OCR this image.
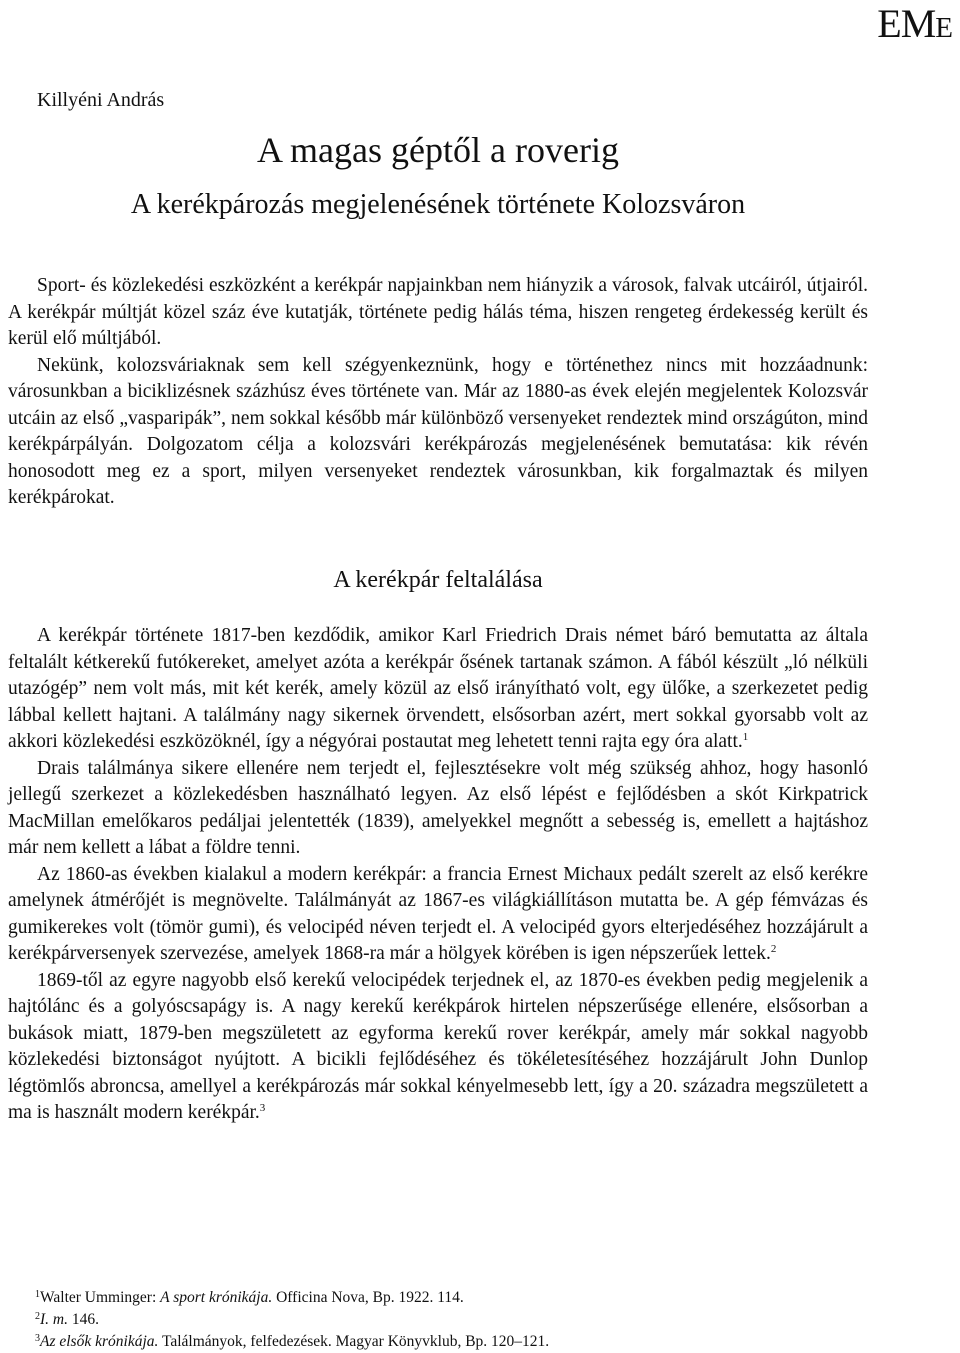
EME
Killyéni András
A magas géptől a roverig
A kerékpározás megjelenésének története Kolozsváron

Sport- és közlekedési eszközként a kerékpár napjainkban nem hiányzik a városok, falvak utcáiról, útjairól. A kerékpár múltját közel száz éve kutatják, története pedig hálás téma, hiszen rengeteg érdekesség került és kerül elő múltjából.

Nekünk, kolozsváriaknak sem kell szégyenkeznünk, hogy e történethez nincs mit hozzáadnunk: városunkban a biciklizésnek százhúsz éves története van. Már az 1880-as évek elején megjelentek Kolozsvár utcáin az első „vasparipák”, nem sokkal később már különböző versenyeket rendeztek mind országúton, mind kerékpárpályán. Dolgozatom célja a kolozsvári kerékpározás megjelenésének bemutatása: kik révén honosodott meg ez a sport, milyen versenyeket rendeztek városunkban, kik forgalmaztak és milyen kerékpárokat.

A kerékpár feltalálása

A kerékpár története 1817-ben kezdődik, amikor Karl Friedrich Drais német báró bemutatta az általa feltalált kétkerekű futókereket, amelyet azóta a kerékpár ősének tartanak számon. A fából készült „ló nélküli utazógép” nem volt más, mit két kerék, amely közül az első irányítható volt, egy ülőke, a szerkezetet pedig lábbal kellett hajtani. A találmány nagy sikernek örvendett, elsősorban azért, mert sokkal gyorsabb volt az akkori közlekedési eszközöknél, így a négyórai postautat meg lehetett tenni rajta egy óra alatt.$^1$

Drais találmánya sikere ellenére nem terjedt el, fejlesztésekre volt még szükség ahhoz, hogy hasonló jellegű szerkezet a közlekedésben használható legyen. Az első lépést e fejlődésben a skót Kirkpatrick MacMillan emelőkaros pedáljai jelentették (1839), amelyekkel megnőtt a sebesség is, emellett a hajtáshoz már nem kellett a lábat a földre tenni.

Az 1860-as években kialakul a modern kerékpár: a francia Ernest Michaux pedált szerelt az első kerékre amelynek átmérőjét is megnövelte. Találmányát az 1867-es világkiállításon mutatta be. A gép fémvázas és gumikerekes volt (tömör gumi), és velocipéd néven terjedt el. A velocipéd gyors elterjedéséhez hozzájárult a kerékpárversenyek szervezése, amelyek 1868-ra már a hölgyek körében is igen népszerűek lettek.$^2$

1869-től az egyre nagyobb első kerekű velocipédek terjednek el, az 1870-es években pedig megjelenik a hajtólánc és a golyóscsapágy is. A nagy kerekű kerékpárok hirtelen népszerűsége ellenére, elsősorban a bukások miatt, 1879-ben megszületett az egyforma kerekű rover kerékpár, amely már sokkal nagyobb közlekedési biztonságot nyújtott. A bicikli fejlődéséhez és tökéletesítéséhez hozzájárult John Dunlop légtömlős abroncsa, amellyel a kerékpározás már sokkal kényelmesebb lett, így a 20. századra megszületett a ma is használt modern kerékpár.$^3$

$^1$Walter Umminger: A sport krónikája. Officina Nova, Bp. 1922. 114.
$^2$I. m. 146.
$^3$Az elsők krónikája. Találmányok, felfedezések. Magyar Könyvklub, Bp. 120–121.
